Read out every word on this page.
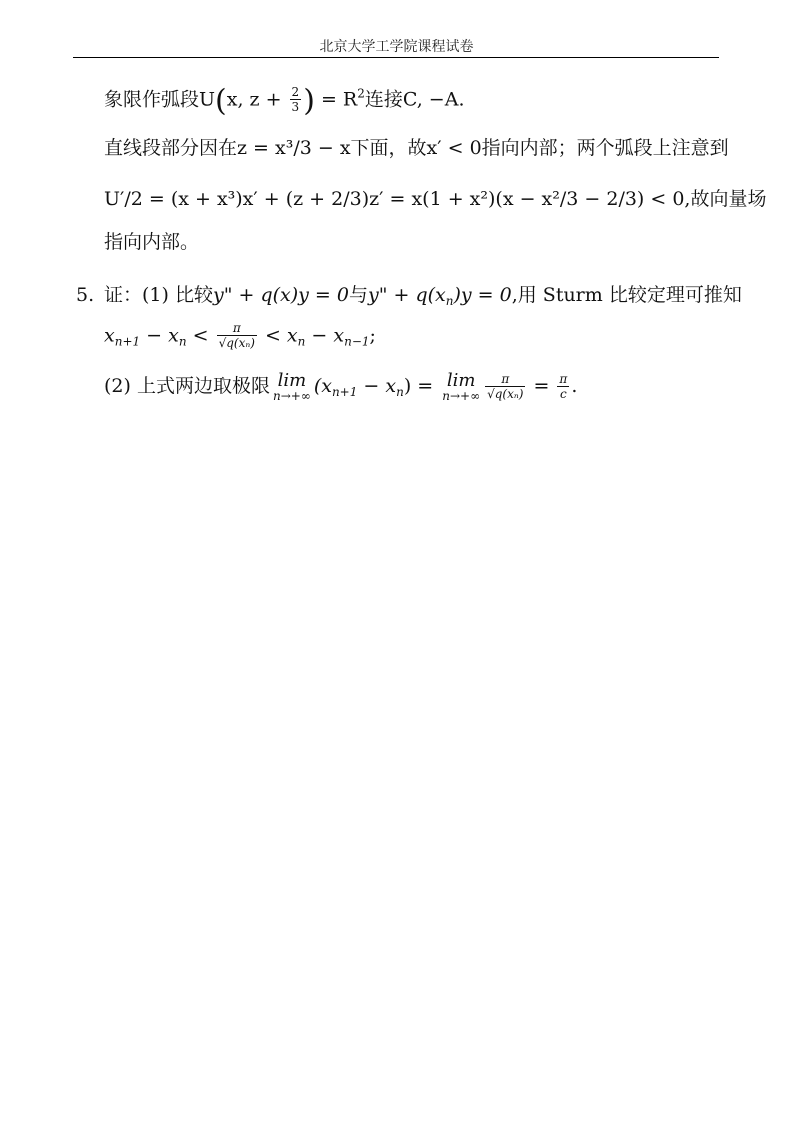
北京大学工学院课程试卷
象限作弧段U(x, $z + \frac{2}{3}$ ) = $R^2$连接C, −A.
直线段部分因在z = x³/3 − x下面，故x′ < 0指向内部；两个弧段上注意到
U′/2 = (x + x³)x′ + (z + 2/3)z′ = x(1 + x²)(x − x²/3 − 2/3) < 0,故向量场
指向内部。
5. 证：(1) 比较y" + q(x)y = 0与y" + $q(x_n)y = 0$,用 Sturm 比较定理可推知
$x_{n+1} - x_n < \frac{\pi}{\text{√q(xₙ)}} < x_n - x_{n-1}$;
(2) 上式两边取极限 lim
n→+∞ $(x_{n+1} - x_n) = \lim$
$n\to+\infty \frac{\pi}{\text{√q(xₙ)}} = \frac{\pi}{c}$ .
